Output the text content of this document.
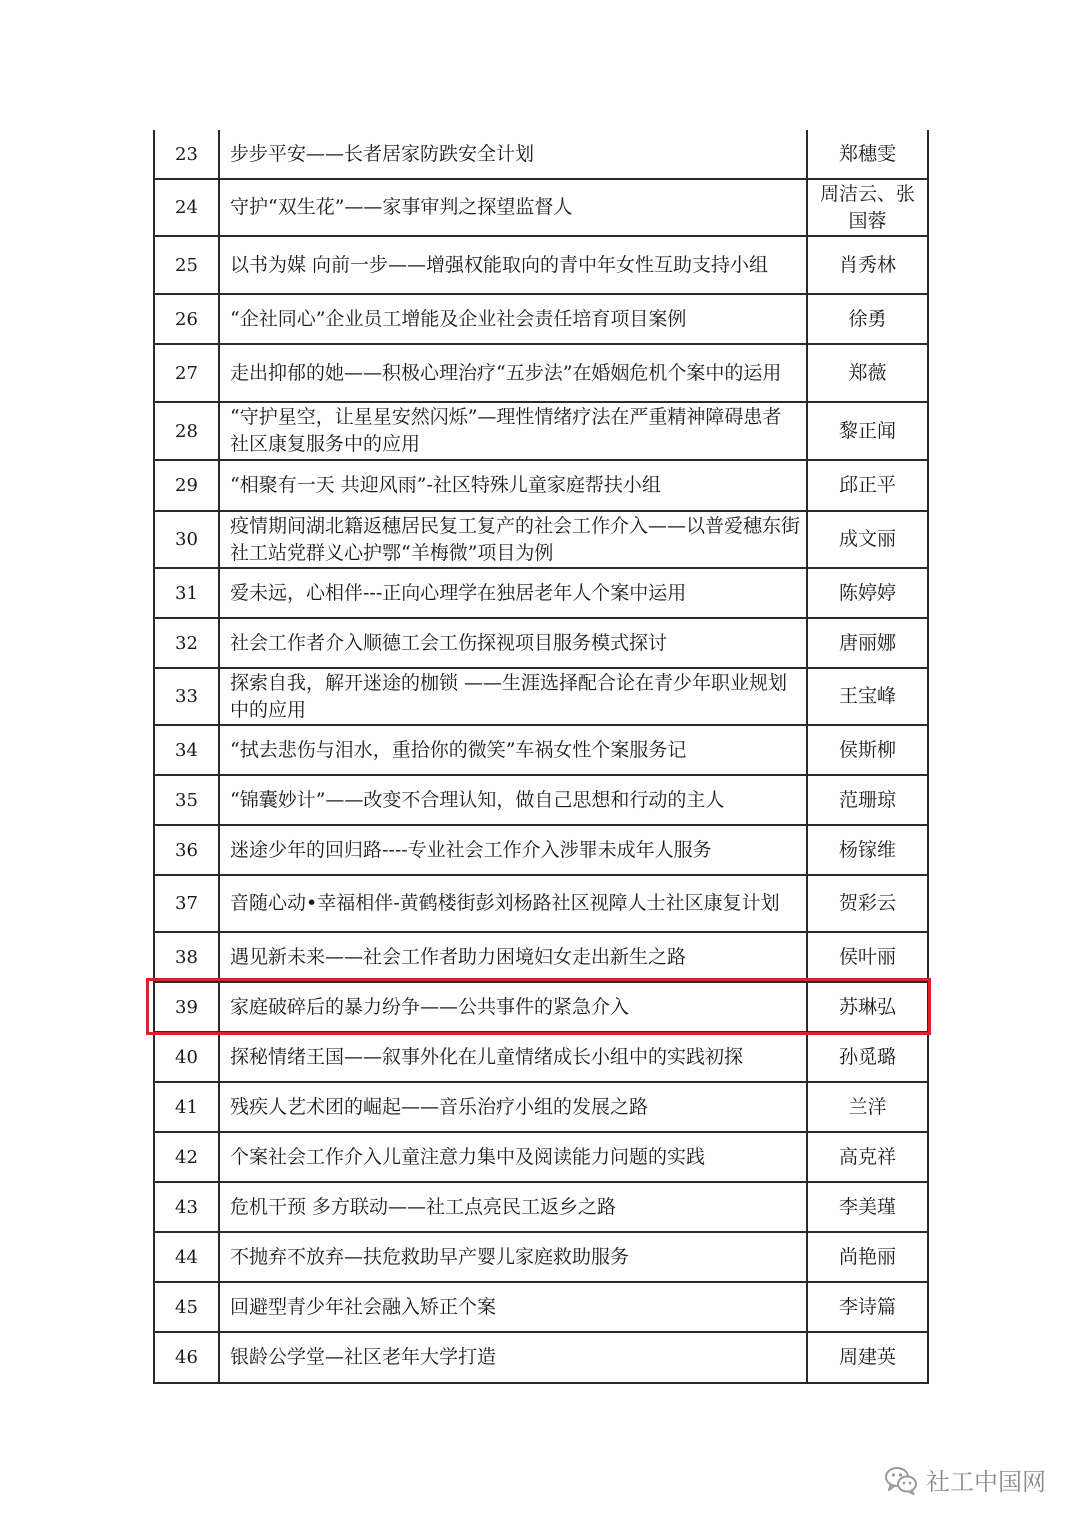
23	步步平安——长者居家防跌安全计划	郑穗雯
24	守护“双生花”——家事审判之探望监督人	周洁云、张国蓉
25	以书为媒 向前一步——增强权能取向的青中年女性互助支持小组	肖秀林
26	“企社同心”企业员工增能及企业社会责任培育项目案例	徐勇
27	走出抑郁的她——积极心理治疗“五步法”在婚姻危机个案中的运用	郑薇
28	“守护星空，让星星安然闪烁”—理性情绪疗法在严重精神障碍患者社区康复服务中的应用	黎正闻
29	“相聚有一天 共迎风雨”-社区特殊儿童家庭帮扶小组	邱正平
30	疫情期间湖北籍返穗居民复工复产的社会工作介入——以普爱穗东街社工站党群义心护鄂“羊梅微”项目为例	成文丽
31	爱未远，心相伴---正向心理学在独居老年人个案中运用	陈婷婷
32	社会工作者介入顺德工会工伤探视项目服务模式探讨	唐丽娜
33	探索自我，解开迷途的枷锁 ——生涯选择配合论在青少年职业规划中的应用	王宝峰
34	“拭去悲伤与泪水，重拾你的微笑”车祸女性个案服务记	侯斯柳
35	“锦囊妙计”——改变不合理认知，做自己思想和行动的主人	范珊琼
36	迷途少年的回归路----专业社会工作介入涉罪未成年人服务	杨镓维
37	音随心动•幸福相伴-黄鹤楼街彭刘杨路社区视障人士社区康复计划	贺彩云
38	遇见新未来——社会工作者助力困境妇女走出新生之路	侯叶丽
39	家庭破碎后的暴力纷争——公共事件的紧急介入	苏琳弘
40	探秘情绪王国——叙事外化在儿童情绪成长小组中的实践初探	孙觅璐
41	残疾人艺术团的崛起——音乐治疗小组的发展之路	兰洋
42	个案社会工作介入儿童注意力集中及阅读能力问题的实践	高克祥
43	危机干预 多方联动——社工点亮民工返乡之路	李美瑾
44	不抛弃不放弃—扶危救助早产婴儿家庭救助服务	尚艳丽
45	回避型青少年社会融入矫正个案	李诗篇
46	银龄公学堂—社区老年大学打造	周建英
社工中国网
